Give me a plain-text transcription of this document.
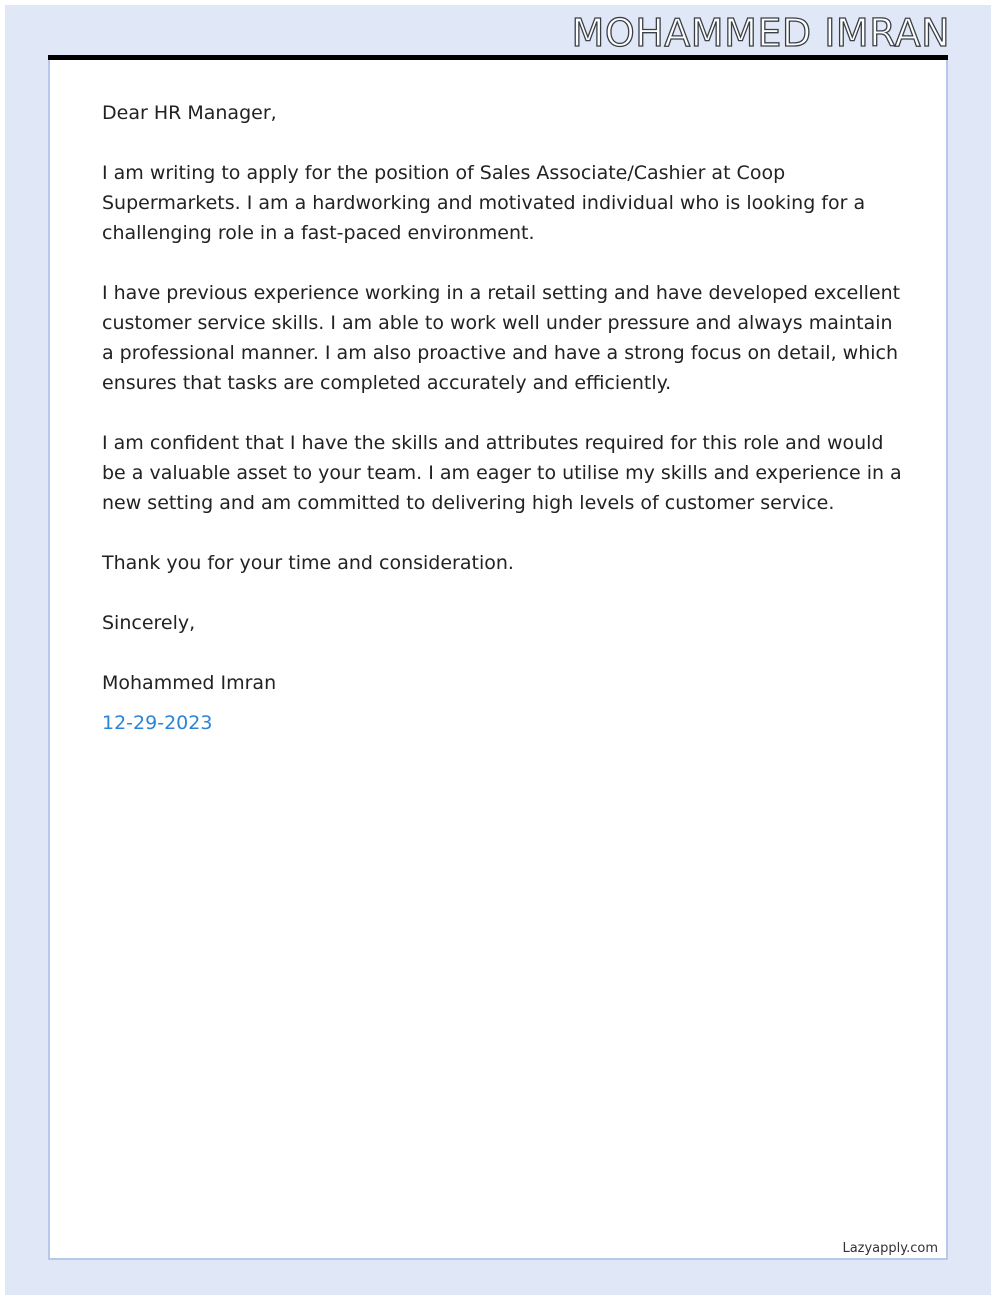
MOHAMMED IMRAN

Dear HR Manager,

I am writing to apply for the position of Sales Associate/Cashier at Coop Supermarkets. I am a hardworking and motivated individual who is looking for a challenging role in a fast-paced environment.

I have previous experience working in a retail setting and have developed excellent customer service skills. I am able to work well under pressure and always maintain a professional manner. I am also proactive and have a strong focus on detail, which ensures that tasks are completed accurately and efficiently.

I am confident that I have the skills and attributes required for this role and would be a valuable asset to your team. I am eager to utilise my skills and experience in a new setting and am committed to delivering high levels of customer service.

Thank you for your time and consideration.

Sincerely,

Mohammed Imran

12-29-2023
Lazyapply.com
